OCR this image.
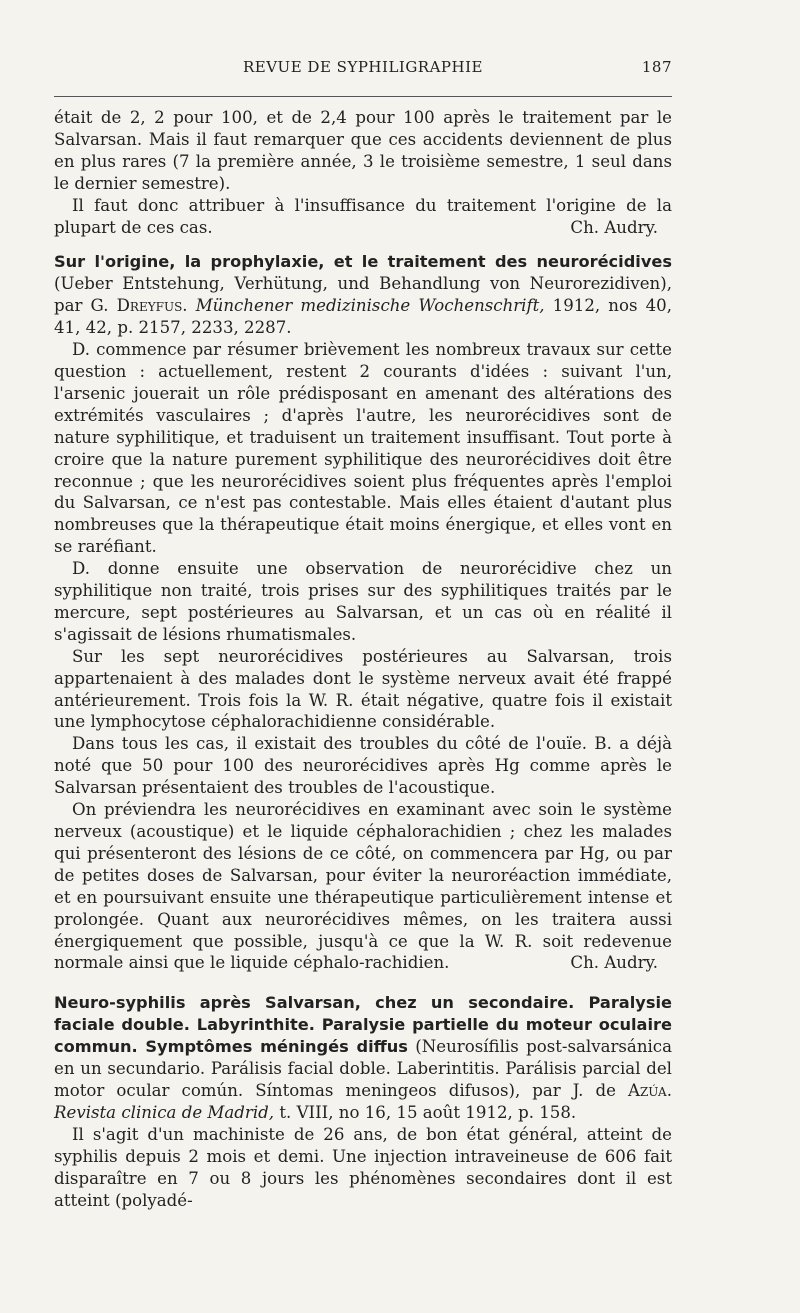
REVUE DE SYPHILIGRAPHIE	187

était de 2, 2 pour 100, et de 2,4 pour 100 après le traitement par le Salvarsan. Mais il faut remarquer que ces accidents deviennent de plus en plus rares (7 la première année, 3 le troisième semestre, 1 seul dans le dernier semestre).

Il faut donc attribuer à l'insuffisance du traitement l'origine de la plupart de ces cas.	Ch. Audry.

Sur l'origine, la prophylaxie, et le traitement des neurorécidives (Ueber Entstehung, Verhütung, und Behandlung von Neurorezidiven), par G. Dreyfus. Münchener medizinische Wochenschrift, 1912, nos 40, 41, 42, p. 2157, 2233, 2287.

D. commence par résumer brièvement les nombreux travaux sur cette question : actuellement, restent 2 courants d'idées : suivant l'un, l'arsenic jouerait un rôle prédisposant en amenant des altérations des extrémités vasculaires ; d'après l'autre, les neurorécidives sont de nature syphilitique, et traduisent un traitement insuffisant. Tout porte à croire que la nature purement syphilitique des neurorécidives doit être reconnue ; que les neurorécidives soient plus fréquentes après l'emploi du Salvarsan, ce n'est pas contestable. Mais elles étaient d'autant plus nombreuses que la thérapeutique était moins énergique, et elles vont en se raréfiant.

D. donne ensuite une observation de neurorécidive chez un syphilitique non traité, trois prises sur des syphilitiques traités par le mercure, sept postérieures au Salvarsan, et un cas où en réalité il s'agissait de lésions rhumatismales.

Sur les sept neurorécidives postérieures au Salvarsan, trois appartenaient à des malades dont le système nerveux avait été frappé antérieurement. Trois fois la W. R. était négative, quatre fois il existait une lymphocytose céphalorachidienne considérable.

Dans tous les cas, il existait des troubles du côté de l'ouïe. B. a déjà noté que 50 pour 100 des neurorécidives après Hg comme après le Salvarsan présentaient des troubles de l'acoustique.

On préviendra les neurorécidives en examinant avec soin le système nerveux (acoustique) et le liquide céphalorachidien ; chez les malades qui présenteront des lésions de ce côté, on commencera par Hg, ou par de petites doses de Salvarsan, pour éviter la neuroréaction immédiate, et en poursuivant ensuite une thérapeutique particulièrement intense et prolongée. Quant aux neurorécidives mêmes, on les traitera aussi énergiquement que possible, jusqu'à ce que la W. R. soit redevenue normale ainsi que le liquide céphalo-rachidien.	Ch. Audry.

Neuro-syphilis après Salvarsan, chez un secondaire. Paralysie faciale double. Labyrinthite. Paralysie partielle du moteur oculaire commun. Symptômes méningés diffus (Neurosífilis post-salvarsánica en un secundario. Parálisis facial doble. Laberintitis. Parálisis parcial del motor ocular común. Síntomas meningeos difusos), par J. de Azúa. Revista clinica de Madrid, t. VIII, no 16, 15 août 1912, p. 158.

Il s'agit d'un machiniste de 26 ans, de bon état général, atteint de syphilis depuis 2 mois et demi. Une injection intraveineuse de 606 fait disparaître en 7 ou 8 jours les phénomènes secondaires dont il est atteint (polyadé-
